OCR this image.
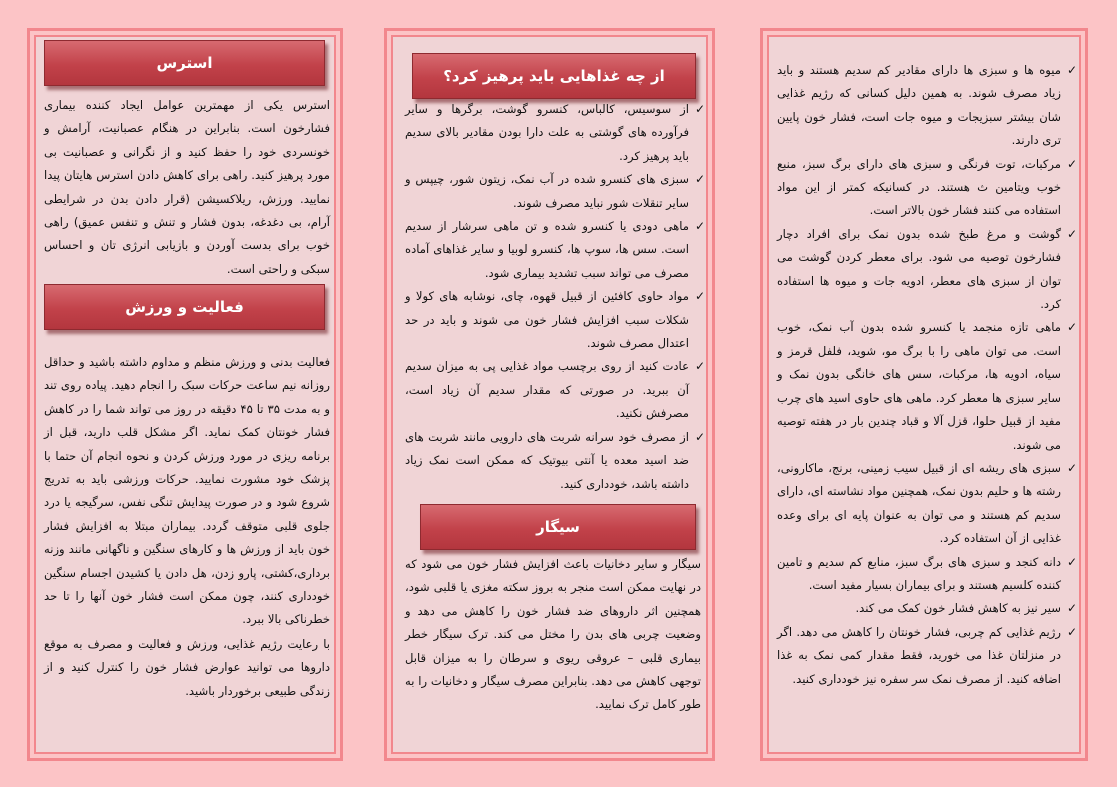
استرس

استرس یکی از مهمترین عوامل ایجاد کننده بیماری فشارخون است. بنابراین در هنگام عصبانیت، آرامش و خونسردی خود را حفظ کنید و از نگرانی و عصبانیت بی مورد پرهیز کنید. راهی برای کاهش دادن استرس هایتان پیدا نمایید. ورزش، ریلاکسیشن (قرار دادن بدن در شرایطی آرام، بی دغدغه، بدون فشار و تنش و تنفس عمیق) راهی خوب برای بدست آوردن و بازیابی انرژی تان و احساس سبکی و راحتی است.

فعالیت و ورزش

فعالیت بدنی و ورزش منظم و مداوم داشته باشید و حداقل روزانه نیم ساعت حرکات سبک را انجام دهید. پیاده روی تند و به مدت ۳۵ تا ۴۵ دقیقه در روز می تواند شما را در کاهش فشار خونتان کمک نماید. اگر مشکل قلب دارید، قبل از برنامه ریزی در مورد ورزش کردن و نحوه انجام آن حتما با پزشک خود مشورت نمایید. حرکات ورزشی باید به تدریج شروع شود و در صورت پیدایش تنگی نفس، سرگیجه یا درد جلوی قلبی متوقف گردد. بیماران مبتلا به افزایش فشار خون باید از ورزش ها و کارهای سنگین و ناگهانی مانند وزنه برداری،کشتی، پارو زدن، هل دادن یا کشیدن اجسام سنگین خودداری کنند، چون ممکن است فشار خون آنها را تا حد خطرناکی بالا ببرد.

با رعایت رژیم غذایی، ورزش و فعالیت و مصرف به موقع داروها می توانید عوارض فشار خون را کنترل کنید و از زندگی طبیعی برخوردار باشید.

از چه غذاهایی باید پرهیز کرد؟
✓
از سوسیس، کالباس، کنسرو گوشت، برگرها و سایر فرآورده های گوشتی به علت دارا بودن مقادیر بالای سدیم باید پرهیز کرد.
✓
سبزی های کنسرو شده در آب نمک، زیتون شور، چیپس و سایر تنقلات شور نباید مصرف شوند.
✓
ماهی دودی یا کنسرو شده و تن ماهی سرشار از سدیم است. سس ها، سوپ ها، کنسرو لوبیا و سایر غذاهای آماده مصرف می تواند سبب تشدید بیماری شود.
✓
مواد حاوی کافئین از قبیل قهوه، چای، نوشابه های کولا و شکلات سبب افزایش فشار خون می شوند و باید در حد اعتدال مصرف شوند.
✓
عادت کنید از روی برچسب مواد غذایی پی به میزان سدیم آن ببرید. در صورتی که مقدار سدیم آن زیاد است، مصرفش نکنید.
✓
از مصرف خود سرانه شربت های دارویی مانند شربت های ضد اسید معده یا آنتی بیوتیک که ممکن است نمک زیاد داشته باشد، خودداری کنید.
سیگار

سیگار و سایر دخانیات باعث افزایش فشار خون می شود که در نهایت ممکن است منجر به بروز سکته مغزی یا قلبی شود، همچنین اثر داروهای ضد فشار خون را کاهش می دهد و وضعیت چربی های بدن را مختل می کند. ترک سیگار خطر بیماری قلبی – عروقی ریوی و سرطان را به میزان قابل توجهی کاهش می دهد. بنابراین مصرف سیگار و دخانیات را به طور کامل ترک نمایید.

✓
میوه ها و سبزی ها دارای مقادیر کم سدیم هستند و باید زیاد مصرف شوند. به همین دلیل کسانی که رژیم غذایی شان بیشتر سبزیجات و میوه جات است، فشار خون پایین تری دارند.
✓
مرکبات، توت فرنگی و سبزی های دارای برگ سبز، منبع خوب ویتامین ث هستند. در کسانیکه کمتر از این مواد استفاده می کنند فشار خون بالاتر است.
✓
گوشت و مرغ طبخ شده بدون نمک برای افراد دچار فشارخون توصیه می شود. برای معطر کردن گوشت می توان از سبزی های معطر، ادویه جات و میوه ها استفاده کرد.
✓
ماهی تازه منجمد یا کنسرو شده بدون آب نمک، خوب است. می توان ماهی را با برگ مو، شوید، فلفل قرمز و سیاه، ادویه ها، مرکبات، سس های خانگی بدون نمک و سایر سبزی ها معطر کرد. ماهی های حاوی اسید های چرب مفید از قبیل حلوا، قزل آلا و قباد چندین بار در هفته توصیه می شوند.
✓
سبزی های ریشه ای از قبیل سیب زمینی، برنج، ماکارونی، رشته ها و حلیم بدون نمک، همچنین مواد نشاسته ای، دارای سدیم کم هستند و می توان به عنوان پایه ای برای وعده غذایی از آن استفاده کرد.
✓
دانه کنجد و سبزی های برگ سبز، منابع کم سدیم و تامین کننده کلسیم هستند و برای بیماران بسیار مفید است.
✓
سیر نیز به کاهش فشار خون کمک می کند.
✓
رژیم غذایی کم چربی، فشار خونتان را کاهش می دهد. اگر در منزلتان غذا می خورید، فقط مقدار کمی نمک به غذا اضافه کنید. از مصرف نمک سر سفره نیز خودداری کنید.
